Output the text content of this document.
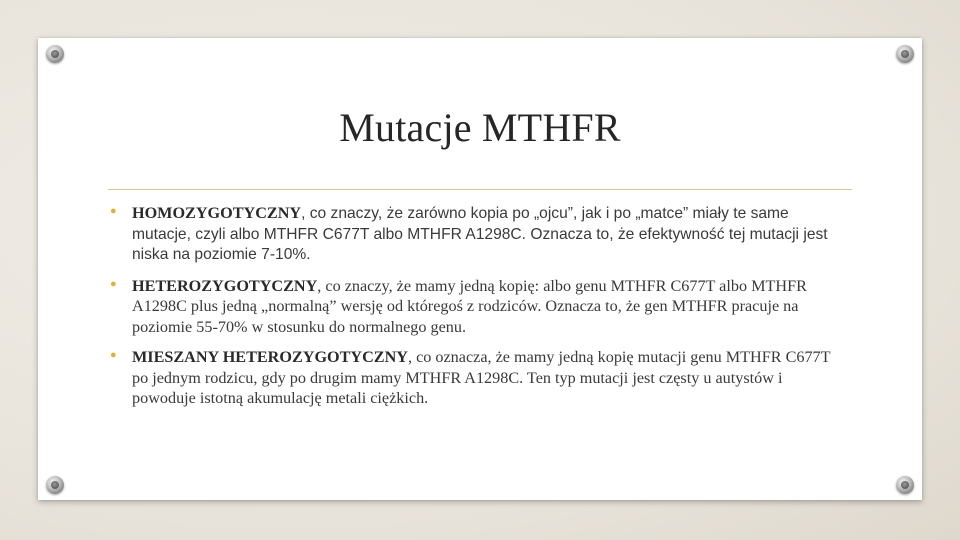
Mutacje MTHFR
● HOMOZYGOTYCZNY, co znaczy, że zarówno kopia po „ojcu”, jak i po „matce” miały te same mutacje, czyli albo MTHFR C677T albo MTHFR A1298C. Oznacza to, że efektywność tej mutacji jest niska na poziomie 7-10%.
● HETEROZYGOTYCZNY, co znaczy, że mamy jedną kopię: albo genu MTHFR C677T albo MTHFR A1298C plus jedną „normalną” wersję od któregoś z rodziców. Oznacza to, że gen MTHFR pracuje na poziomie 55-70% w stosunku do normalnego genu.
● MIESZANY HETEROZYGOTYCZNY, co oznacza, że mamy jedną kopię mutacji genu MTHFR C677T po jednym rodzicu, gdy po drugim mamy MTHFR A1298C. Ten typ mutacji jest częsty u autystów i powoduje istotną akumulację metali ciężkich.
